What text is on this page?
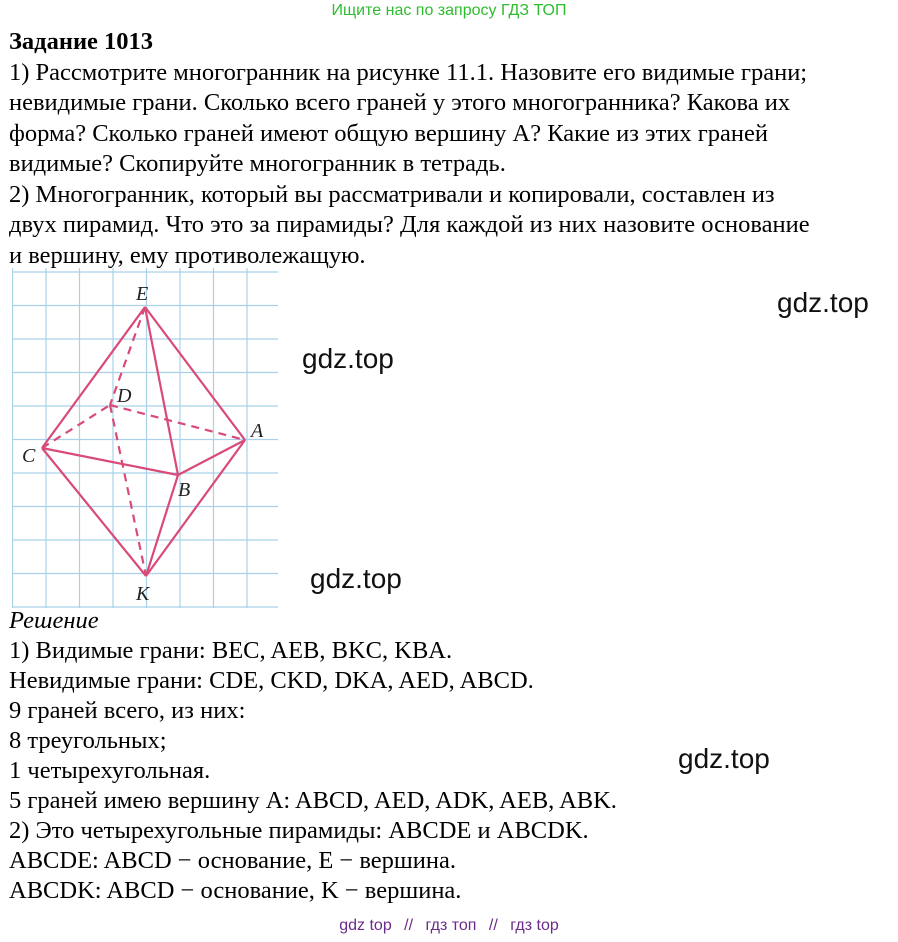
Ищите нас по запросу ГДЗ ТОП
Задание 1013
1) Рассмотрите многогранник на рисунке 11.1. Назовите его видимые грани;
невидимые грани. Сколько всего граней у этого многогранника? Какова их
форма? Сколько граней имеют общую вершину A? Какие из этих граней
видимые? Скопируйте многогранник в тетрадь.
2) Многогранник, который вы рассматривали и копировали, составлен из
двух пирамид. Что это за пирамиды? Для каждой из них назовите основание
и вершину, ему противолежащую.
E
D
A
C
B
K
gdz.top
gdz.top
gdz.top
gdz.top
Решение
1) Видимые грани: BEC, AEB, BKC, KBA.
Невидимые грани: CDE, CKD, DKA, AED, ABCD.
9 граней всего, из них:
8 треугольных;
1 четырехугольная.
5 граней имею вершину A: ABCD, AED, ADK, AEB, ABK.
2) Это четырехугольные пирамиды: ABCDE и ABCDK.
ABCDE: ABCD − основание, E − вершина.
ABCDK: ABCD − основание, K − вершина.
gdz top // гдз топ // гдз top
